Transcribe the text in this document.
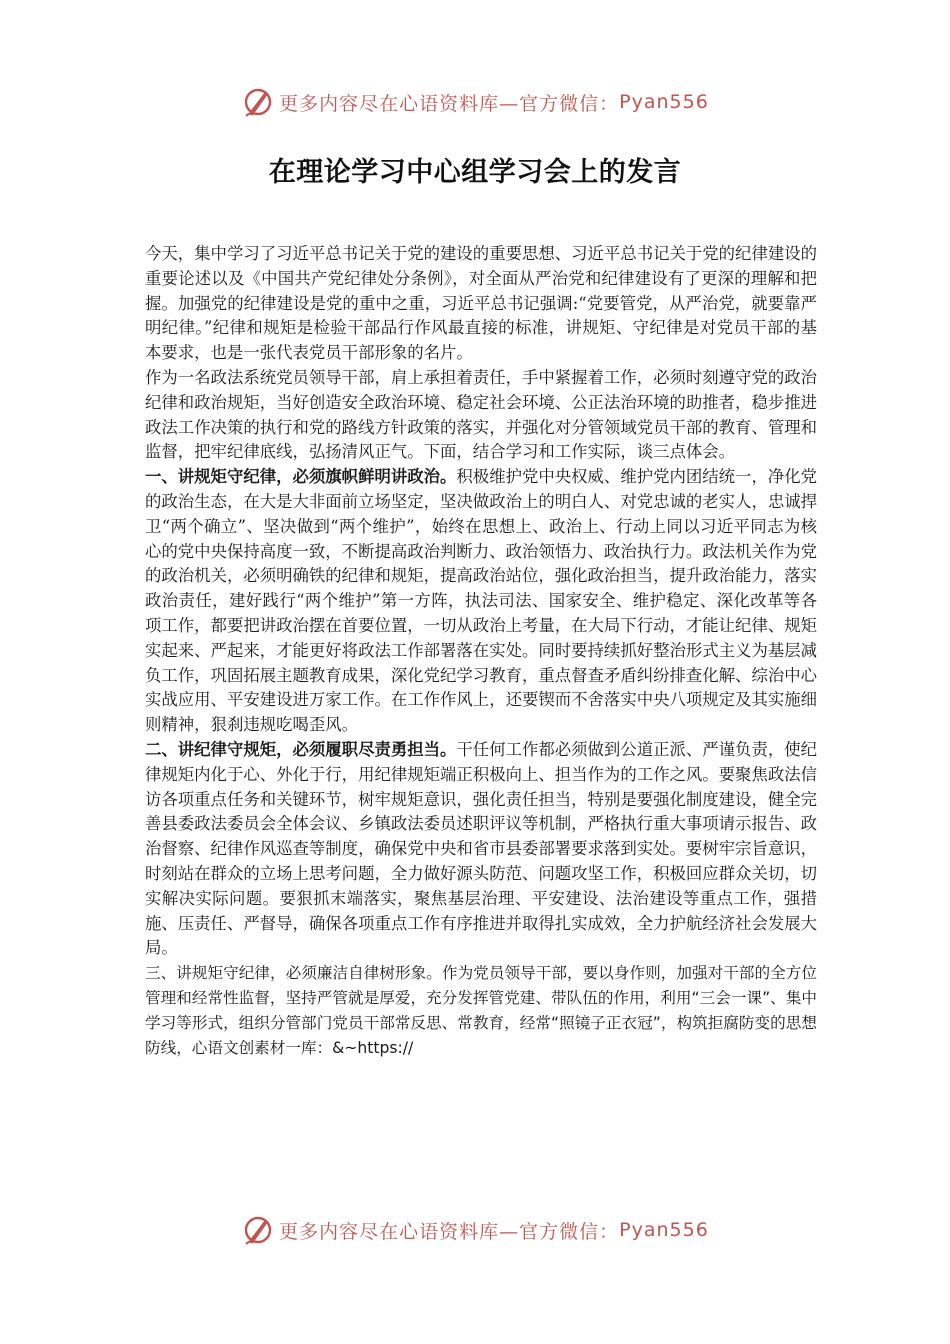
更多内容尽在心语资料库—官方微信： Pyan556
在理论学习中心组学习会上的发言

今天，集中学习了习近平总书记关于党的建设的重要思想、习近平总书记关于党的纪律建设的重要论述以及《中国共产党纪律处分条例》，对全面从严治党和纪律建设有了更深的理解和把握。加强党的纪律建设是党的重中之重，习近平总书记强调:“党要管党，从严治党，就要靠严明纪律。”纪律和规矩是检验干部品行作风最直接的标准，讲规矩、守纪律是对党员干部的基本要求，也是一张代表党员干部形象的名片。

作为一名政法系统党员领导干部，肩上承担着责任，手中紧握着工作，必须时刻遵守党的政治纪律和政治规矩，当好创造安全政治环境、稳定社会环境、公正法治环境的助推者，稳步推进政法工作决策的执行和党的路线方针政策的落实，并强化对分管领域党员干部的教育、管理和监督，把牢纪律底线，弘扬清风正气。下面，结合学习和工作实际，谈三点体会。

一、讲规矩守纪律，必须旗帜鲜明讲政治。积极维护党中央权威、维护党内团结统一，净化党的政治生态，在大是大非面前立场坚定，坚决做政治上的明白人、对党忠诚的老实人，忠诚捍卫“两个确立”、坚决做到“两个维护”，始终在思想上、政治上、行动上同以习近平同志为核心的党中央保持高度一致，不断提高政治判断力、政治领悟力、政治执行力。政法机关作为党的政治机关，必须明确铁的纪律和规矩，提高政治站位，强化政治担当，提升政治能力，落实政治责任，建好践行“两个维护”第一方阵，执法司法、国家安全、维护稳定、深化改革等各项工作，都要把讲政治摆在首要位置，一切从政治上考量，在大局下行动，才能让纪律、规矩实起来、严起来，才能更好将政法工作部署落在实处。同时要持续抓好整治形式主义为基层减负工作，巩固拓展主题教育成果，深化党纪学习教育，重点督查矛盾纠纷排查化解、综治中心实战应用、平安建设进万家工作。在工作作风上，还要锲而不舍落实中央八项规定及其实施细则精神，狠刹违规吃喝歪风。

二、讲纪律守规矩，必须履职尽责勇担当。干任何工作都必须做到公道正派、严谨负责，使纪律规矩内化于心、外化于行，用纪律规矩端正积极向上、担当作为的工作之风。要聚焦政法信访各项重点任务和关键环节，树牢规矩意识，强化责任担当，特别是要强化制度建设，健全完善县委政法委员会全体会议、乡镇政法委员述职评议等机制，严格执行重大事项请示报告、政治督察、纪律作风巡查等制度，确保党中央和省市县委部署要求落到实处。要树牢宗旨意识，时刻站在群众的立场上思考问题，全力做好源头防范、问题攻坚工作，积极回应群众关切，切实解决实际问题。要狠抓末端落实，聚焦基层治理、平安建设、法治建设等重点工作，强措施、压责任、严督导，确保各项重点工作有序推进并取得扎实成效，全力护航经济社会发展大局。

三、讲规矩守纪律，必须廉洁自律树形象。作为党员领导干部，要以身作则，加强对干部的全方位管理和经常性监督，坚持严管就是厚爱，充分发挥管党建、带队伍的作用，利用“三会一课”、集中学习等形式，组织分管部门党员干部常反思、常教育，经常“照镜子正衣冠”，构筑拒腐防变的思想防线，心语文创素材一库：&~https://

更多内容尽在心语资料库—官方微信： Pyan556
